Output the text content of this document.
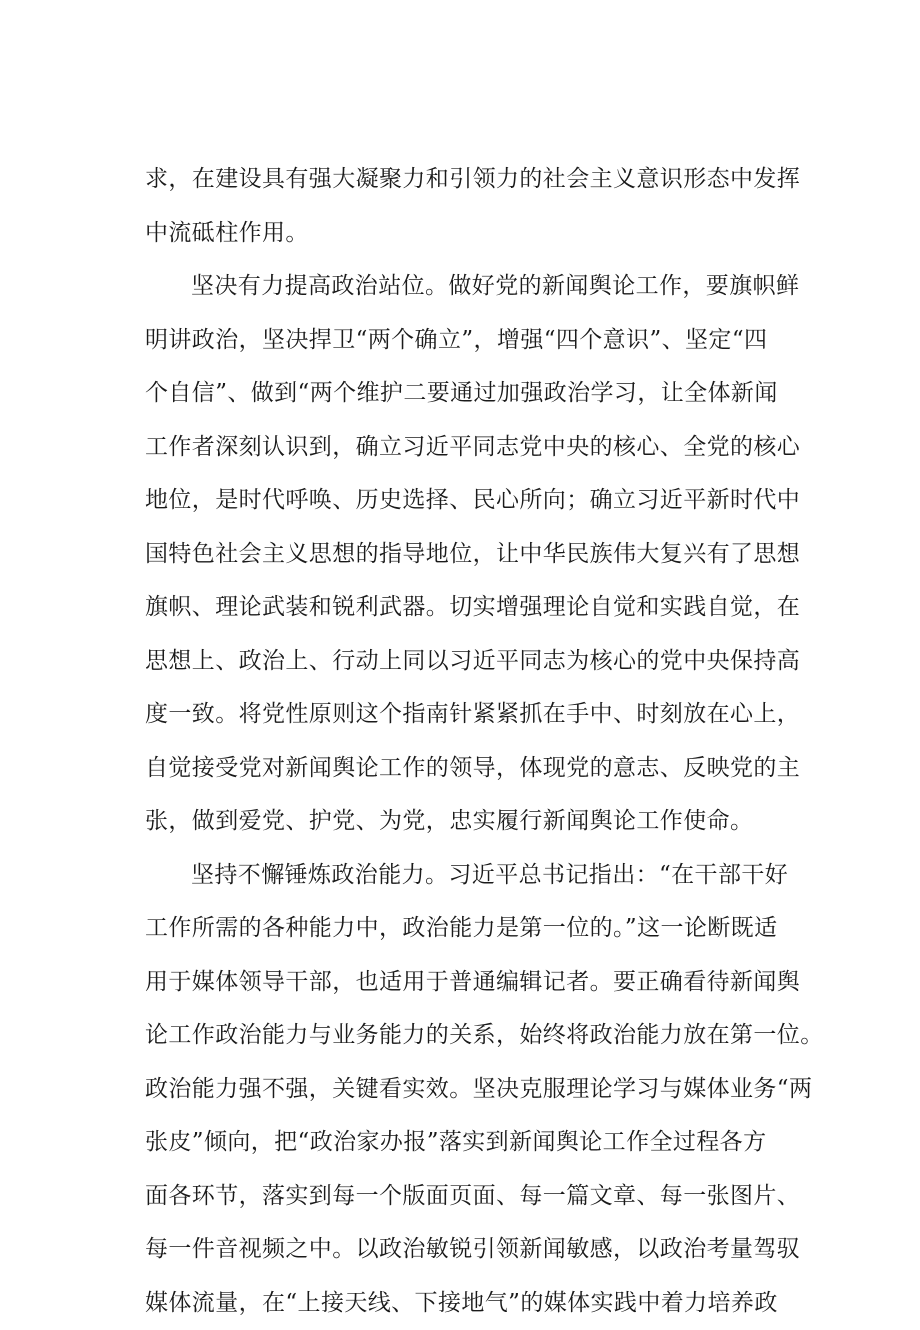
求，在建设具有强大凝聚力和引领力的社会主义意识形态中发挥
中流砥柱作用。
坚决有力提高政治站位。做好党的新闻舆论工作，要旗帜鲜
明讲政治，坚决捍卫“两个确立”，增强“四个意识”、坚定“四
个自信”、做到“两个维护二要通过加强政治学习，让全体新闻
工作者深刻认识到，确立习近平同志党中央的核心、全党的核心
地位，是时代呼唤、历史选择、民心所向；确立习近平新时代中
国特色社会主义思想的指导地位，让中华民族伟大复兴有了思想
旗帜、理论武装和锐利武器。切实增强理论自觉和实践自觉，在
思想上、政治上、行动上同以习近平同志为核心的党中央保持高
度一致。将党性原则这个指南针紧紧抓在手中、时刻放在心上，
自觉接受党对新闻舆论工作的领导，体现党的意志、反映党的主
张，做到爱党、护党、为党，忠实履行新闻舆论工作使命。
坚持不懈锤炼政治能力。习近平总书记指出：“在干部干好
工作所需的各种能力中，政治能力是第一位的。”这一论断既适
用于媒体领导干部，也适用于普通编辑记者。要正确看待新闻舆
论工作政治能力与业务能力的关系，始终将政治能力放在第一位。
政治能力强不强，关键看实效。坚决克服理论学习与媒体业务“两
张皮”倾向，把“政治家办报”落实到新闻舆论工作全过程各方
面各环节，落实到每一个版面页面、每一篇文章、每一张图片、
每一件音视频之中。以政治敏锐引领新闻敏感，以政治考量驾驭
媒体流量，在“上接天线、下接地气”的媒体实践中着力培养政
